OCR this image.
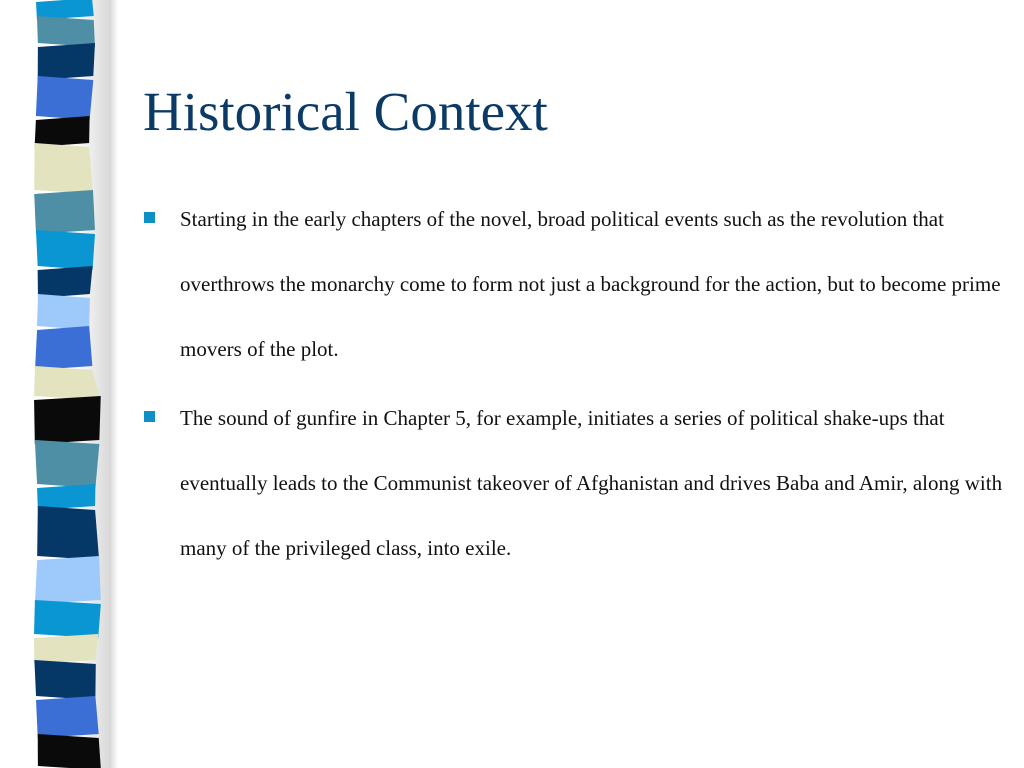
Historical Context
Starting in the early chapters of the novel, broad political events such as the revolution that overthrows the monarchy come to form not just a background for the action, but to become prime movers of the plot.
The sound of gunfire in Chapter 5, for example, initiates a series of political shake-ups that eventually leads to the Communist takeover of Afghanistan and drives Baba and Amir, along with many of the privileged class, into exile.
